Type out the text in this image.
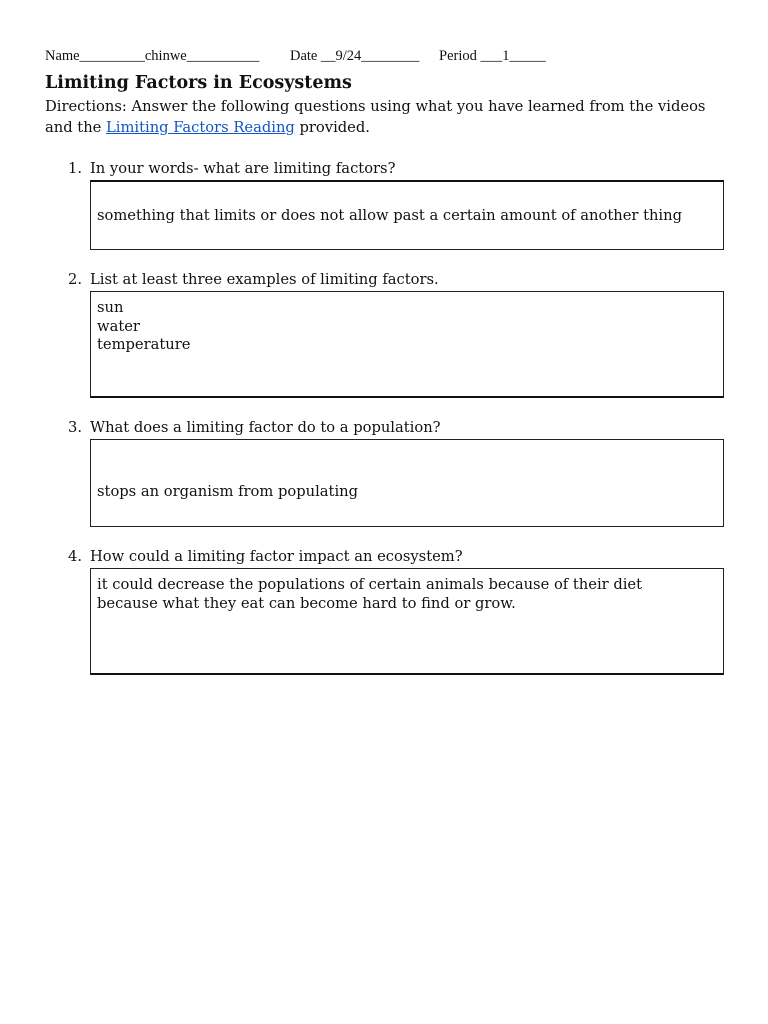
Name_________chinwe__________ Date __9/24________ Period ___1_____
Limiting Factors in Ecosystems
Directions: Answer the following questions using what you have learned from the videos and the Limiting Factors Reading provided.
1. In your words- what are limiting factors?
something that limits or does not allow past a certain amount of another thing
2. List at least three examples of limiting factors.
sun
water
temperature
3. What does a limiting factor do to a population?
stops an organism from populating
4. How could a limiting factor impact an ecosystem?
it could decrease the populations of certain animals because of their diet
because what they eat can become hard to find or grow.
